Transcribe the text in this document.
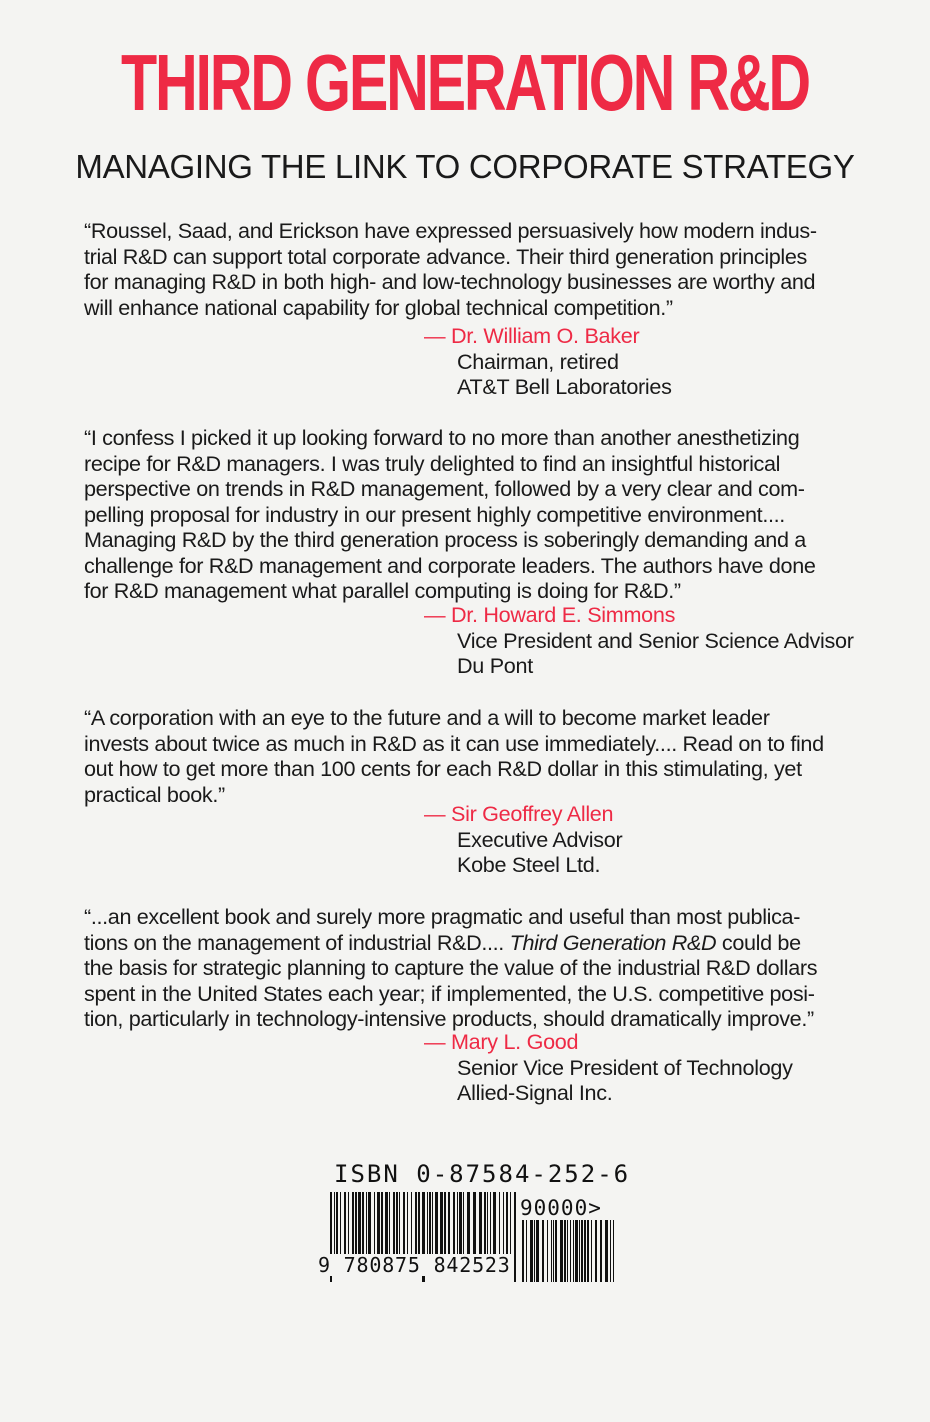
THIRD GENERATION R&D
MANAGING THE LINK TO CORPORATE STRATEGY
“Roussel, Saad, and Erickson have expressed persuasively how modern indus-
trial R&D can support total corporate advance. Their third generation principles
for managing R&D in both high- and low-technology businesses are worthy and
will enhance national capability for global technical competition.”
— Dr. William O. Baker
Chairman, retired
AT&T Bell Laboratories
“I confess I picked it up looking forward to no more than another anesthetizing
recipe for R&D managers. I was truly delighted to find an insightful historical
perspective on trends in R&D management, followed by a very clear and com-
pelling proposal for industry in our present highly competitive environment....
Managing R&D by the third generation process is soberingly demanding and a
challenge for R&D management and corporate leaders. The authors have done
for R&D management what parallel computing is doing for R&D.”
— Dr. Howard E. Simmons
Vice President and Senior Science Advisor
Du Pont
“A corporation with an eye to the future and a will to become market leader
invests about twice as much in R&D as it can use immediately.... Read on to find
out how to get more than 100 cents for each R&D dollar in this stimulating, yet
practical book.”
— Sir Geoffrey Allen
Executive Advisor
Kobe Steel Ltd.
“...an excellent book and surely more pragmatic and useful than most publica-
tions on the management of industrial R&D.... Third Generation R&D could be
the basis for strategic planning to capture the value of the industrial R&D dollars
spent in the United States each year; if implemented, the U.S. competitive posi-
tion, particularly in technology-intensive products, should dramatically improve.”
— Mary L. Good
Senior Vice President of Technology
Allied-Signal Inc.
ISBN 0-87584-252-6
90000>
9 780875 842523
